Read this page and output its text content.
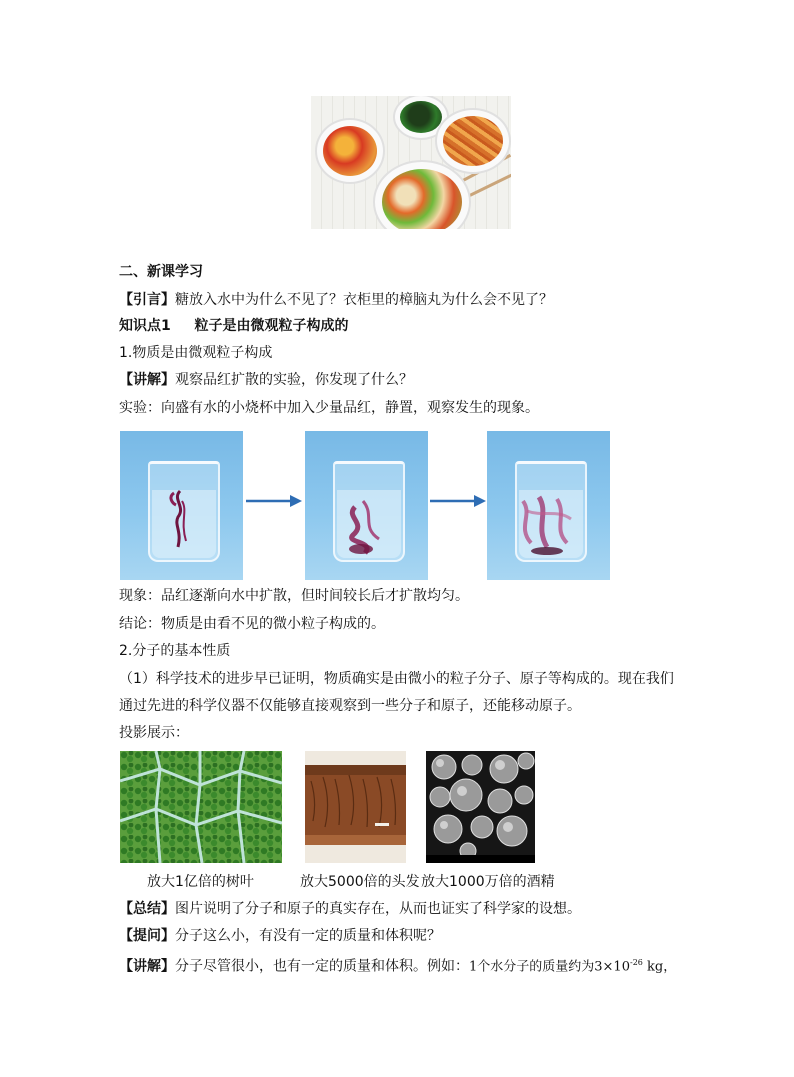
二、新课学习
【引言】糖放入水中为什么不见了？衣柜里的樟脑丸为什么会不见了？
知识点1 粒子是由微观粒子构成的
1.物质是由微观粒子构成
【讲解】观察品红扩散的实验，你发现了什么？
实验：向盛有水的小烧杯中加入少量品红，静置，观察发生的现象。
现象：品红逐渐向水中扩散，但时间较长后才扩散均匀。
结论：物质是由看不见的微小粒子构成的。
2.分子的基本性质
（1）科学技术的进步早已证明，物质确实是由微小的粒子分子、原子等构成的。现在我们
通过先进的科学仪器不仅能够直接观察到一些分子和原子，还能移动原子。
投影展示：
放大1亿倍的树叶	放大5000倍的头发 放大1000万倍的酒精
【总结】图片说明了分子和原子的真实存在，从而也证实了科学家的设想。
【提问】分子这么小，有没有一定的质量和体积呢？
【讲解】分子尽管很小，也有一定的质量和体积。例如：1个水分子的质量约为$3\times 10^{-26}$ kg，
